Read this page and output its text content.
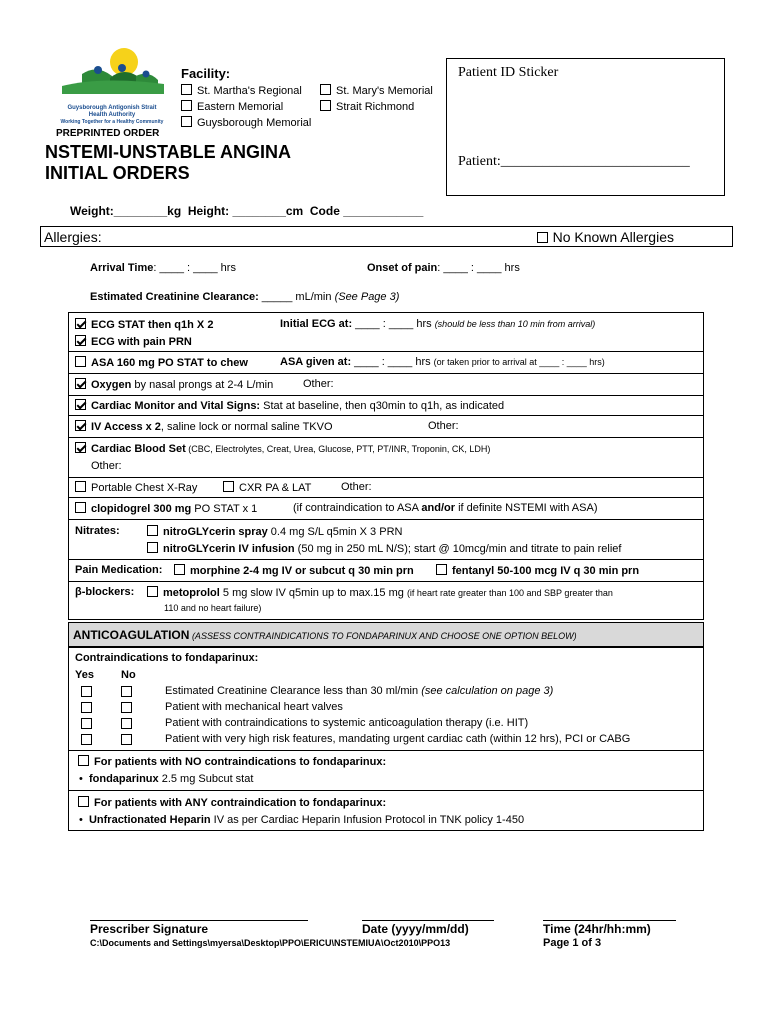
Guysborough Antigonish Strait
Health Authority
Working Together for a Healthy Community
Facility:
St. Martha's Regional
Eastern Memorial
Guysborough Memorial
St. Mary's Memorial
Strait Richmond
Patient ID Sticker
Patient:___________________________
PREPRINTED ORDER
NSTEMI-UNSTABLE ANGINA
INITIAL ORDERS
Weight:________kg  Height: ________cm  Code ____________
Allergies:	No Known Allergies
Arrival Time: ____ : ____ hrs	Onset of pain: ____ : ____ hrs
Estimated Creatinine Clearance: _____ mL/min (See Page 3)
ECG STAT then q1h X 2	Initial ECG at: ____ : ____ hrs (should be less than 10 min from arrival)
ECG with pain PRN
ASA 160 mg PO STAT to chew	ASA given at: ____ : ____ hrs (or taken prior to arrival at ____ : ____ hrs)
Oxygen by nasal prongs at 2-4 L/min	Other:
Cardiac Monitor and Vital Signs: Stat at baseline, then q30min to q1h, as indicated
IV Access x 2, saline lock or normal saline TKVO	Other:
Cardiac Blood Set (CBC, Electrolytes, Creat, Urea, Glucose, PTT, PT/INR, Troponin, CK, LDH)
Other:
Portable Chest X-Ray	CXR PA & LAT	Other:
clopidogrel 300 mg PO STAT x 1	(if contraindication to ASA and/or if definite NSTEMI with ASA)
Nitrates:	nitroGLYcerin spray 0.4 mg S/L q5min X 3 PRN
nitroGLYcerin IV infusion (50 mg in 250 mL N/S); start @ 10mcg/min and titrate to pain relief
Pain Medication:	morphine 2-4 mg IV or subcut q 30 min prn	fentanyl 50-100 mcg IV q 30 min prn
β-blockers:	metoprolol 5 mg slow IV q5min up to max.15 mg (if heart rate greater than 100 and SBP greater than
110 and no heart failure)
ANTICOAGULATION (ASSESS CONTRAINDICATIONS TO FONDAPARINUX AND CHOOSE ONE OPTION BELOW)
Contraindications to fondaparinux:
Yes No
Estimated Creatinine Clearance less than 30 ml/min (see calculation on page 3)
Patient with mechanical heart valves
Patient with contraindications to systemic anticoagulation therapy (i.e. HIT)
Patient with very high risk features, mandating urgent cardiac cath (within 12 hrs), PCI or CABG
For patients with NO contraindications to fondaparinux:
•  fondaparinux 2.5 mg Subcut stat
For patients with ANY contraindication to fondaparinux:
•  Unfractionated Heparin IV as per Cardiac Heparin Infusion Protocol in TNK policy 1-450
Prescriber Signature	Date (yyyy/mm/dd)	Time (24hr/hh:mm)
C:\Documents and Settings\myersa\Desktop\PPO\ERICU\NSTEMIUA\Oct2010\PPO13	Page 1 of 3
